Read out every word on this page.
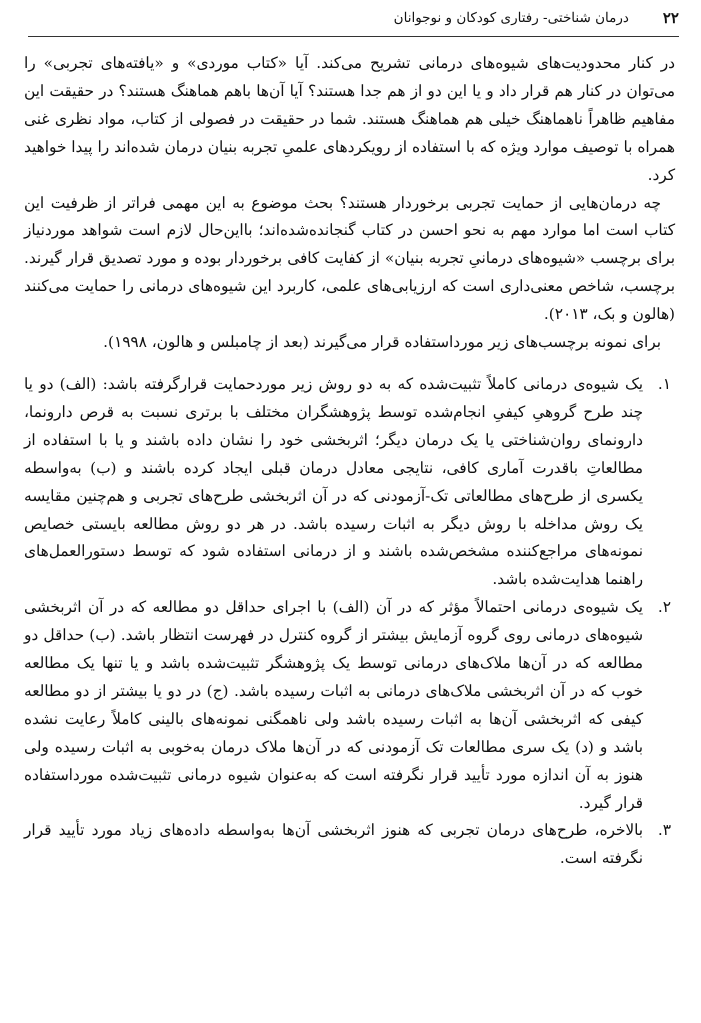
۲۲
درمان شناختی- رفتاری کودکان و نوجوانان

در کنار محدودیت‌های شیوه‌های درمانی تشریح می‌کند. آیا «کتاب موردی» و «یافته‌های تجربی» را می‌توان در کنار هم قرار داد و یا این دو از هم جدا هستند؟ آیا آن‌ها باهم هماهنگ هستند؟ در حقیقت این مفاهیم ظاهراً ناهماهنگ خیلی هم هماهنگ هستند. شما در حقیقت در فصولی از کتاب، مواد نظری غنی همراه با توصیف موارد ویژه که با استفاده از رویکردهای علمیِ تجربه بنیان درمان شده‌اند را پیدا خواهید کرد.

چه درمان‌هایی از حمایت تجربی برخوردار هستند؟ بحث موضوع به این مهمی فراتر از ظرفیت این کتاب است اما موارد مهم به نحو احسن در کتاب گنجانده‌شده‌اند؛ بااین‌حال لازم است شواهد موردنیاز برای برچسب «شیوه‌های درمانیِ تجربه بنیان» از کفایت کافی برخوردار بوده و مورد تصدیق قرار گیرند. برچسب، شاخص معنی‌داری است که ارزیابی‌های علمی، کاربرد این شیوه‌های درمانی را حمایت می‌کنند (هالون و بک، ۲۰۱۳).

برای نمونه برچسب‌های زیر مورداستفاده قرار می‌گیرند (بعد از چامبلس و هالون، ۱۹۹۸).

۱.
یک شیوه‌ی درمانی کاملاً تثبیت‌شده که به دو روش زیر موردحمایت قرارگرفته باشد: (الف) دو یا چند طرح گروهیِ کیفیِ انجام‌شده توسط پژوهشگران مختلف با برتری نسبت به قرص دارونما، دارونمای روان‌شناختی یا یک درمان دیگر؛ اثربخشی خود را نشان داده باشند و یا با استفاده از مطالعاتِ باقدرت آماری کافی، نتایجی معادل درمان قبلی ایجاد کرده باشند و (ب) به‌واسطه یکسری از طرح‌های مطالعاتی تک-آزمودنی که در آن اثربخشی طرح‌های تجربی و هم‌چنین مقایسه یک روش مداخله با روش دیگر به اثبات رسیده باشد. در هر دو روش مطالعه بایستی خصایص نمونه‌های مراجع‌کننده مشخص‌شده باشند و از درمانی استفاده شود که توسط دستورالعمل‌های راهنما هدایت‌شده باشد.
۲.
یک شیوه‌ی درمانی احتمالاً مؤثر که در آن (الف) با اجرای حداقل دو مطالعه که در آن اثربخشی شیوه‌های درمانی روی گروه آزمایش بیشتر از گروه کنترل در فهرست انتظار باشد. (ب) حداقل دو مطالعه که در آن‌ها ملاک‌های درمانی توسط یک پژوهشگر تثبیت‌شده باشد و یا تنها یک مطالعه خوب که در آن اثربخشی ملاک‌های درمانی به اثبات رسیده باشد. (ج) در دو یا بیشتر از دو مطالعه کیفی که اثربخشی آن‌ها به اثبات رسیده باشد ولی ناهمگنی نمونه‌های بالینی کاملاً رعایت نشده باشد و (د) یک سری مطالعات تک آزمودنی که در آن‌ها ملاک درمان به‌خوبی به اثبات رسیده ولی هنوز به آن اندازه مورد تأیید قرار نگرفته است که به‌عنوان شیوه درمانی تثبیت‌شده مورداستفاده قرار گیرد.
۳.
بالاخره، طرح‌های درمان تجربی که هنوز اثربخشی آن‌ها به‌واسطه داده‌های زیاد مورد تأیید قرار نگرفته است.
